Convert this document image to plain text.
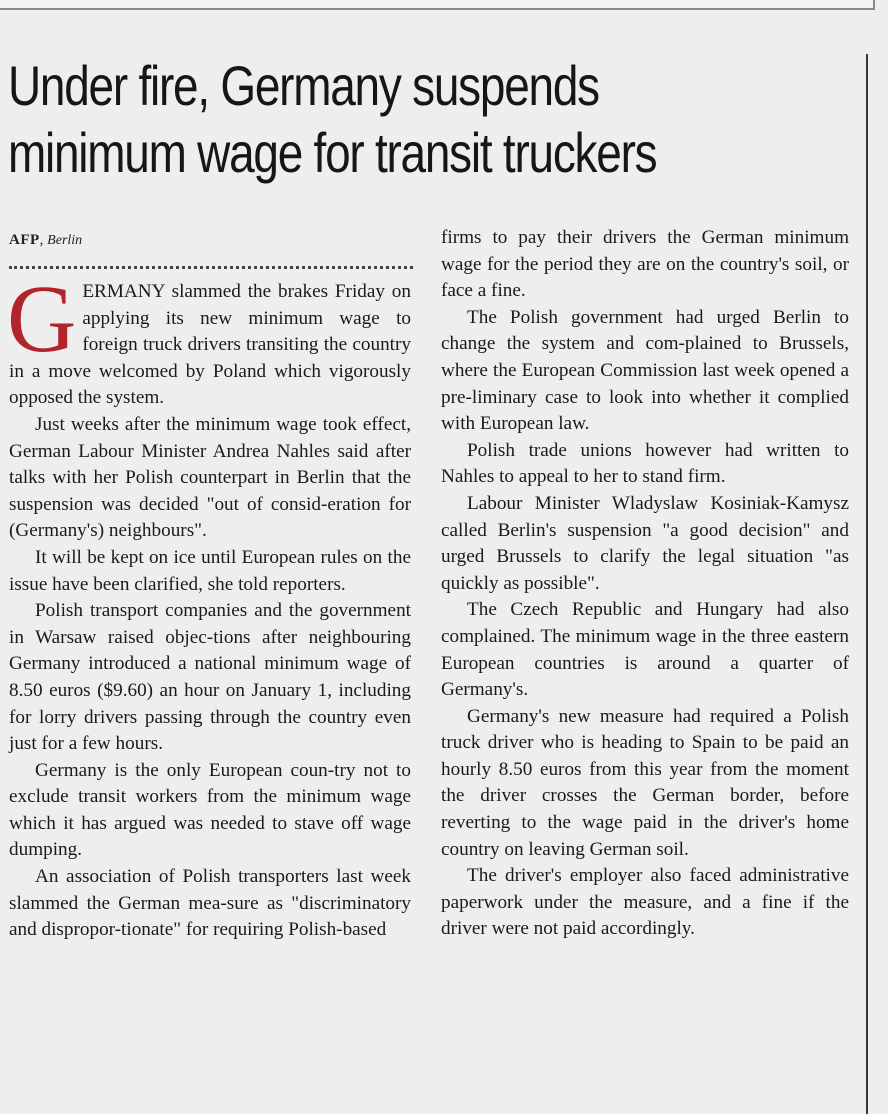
Under fire, Germany suspends
minimum wage for transit truckers
AFP, Berlin

GERMANY slammed the brakes Friday on applying its new minimum wage to foreign truck drivers transiting the country in a move welcomed by Poland which vigorously opposed the system.

Just weeks after the minimum wage took effect, German Labour Minister Andrea Nahles said after talks with her Polish counterpart in Berlin that the suspension was decided "out of consid-eration for (Germany's) neighbours".

It will be kept on ice until European rules on the issue have been clarified, she told reporters.

Polish transport companies and the government in Warsaw raised objec-tions after neighbouring Germany introduced a national minimum wage of 8.50 euros ($9.60) an hour on January 1, including for lorry drivers passing through the country even just for a few hours.

Germany is the only European coun-try not to exclude transit workers from the minimum wage which it has argued was needed to stave off wage dumping.

An association of Polish transporters last week slammed the German mea-sure as "discriminatory and dispropor-tionate" for requiring Polish-based

firms to pay their drivers the German minimum wage for the period they are on the country's soil, or face a fine.

The Polish government had urged Berlin to change the system and com-plained to Brussels, where the European Commission last week opened a pre-liminary case to look into whether it complied with European law.

Polish trade unions however had written to Nahles to appeal to her to stand firm.

Labour Minister Wladyslaw Kosiniak-Kamysz called Berlin's suspension "a good decision" and urged Brussels to clarify the legal situation "as quickly as possible".

The Czech Republic and Hungary had also complained. The minimum wage in the three eastern European countries is around a quarter of Germany's.

Germany's new measure had required a Polish truck driver who is heading to Spain to be paid an hourly 8.50 euros from this year from the moment the driver crosses the German border, before reverting to the wage paid in the driver's home country on leaving German soil.

The driver's employer also faced administrative paperwork under the measure, and a fine if the driver were not paid accordingly.
